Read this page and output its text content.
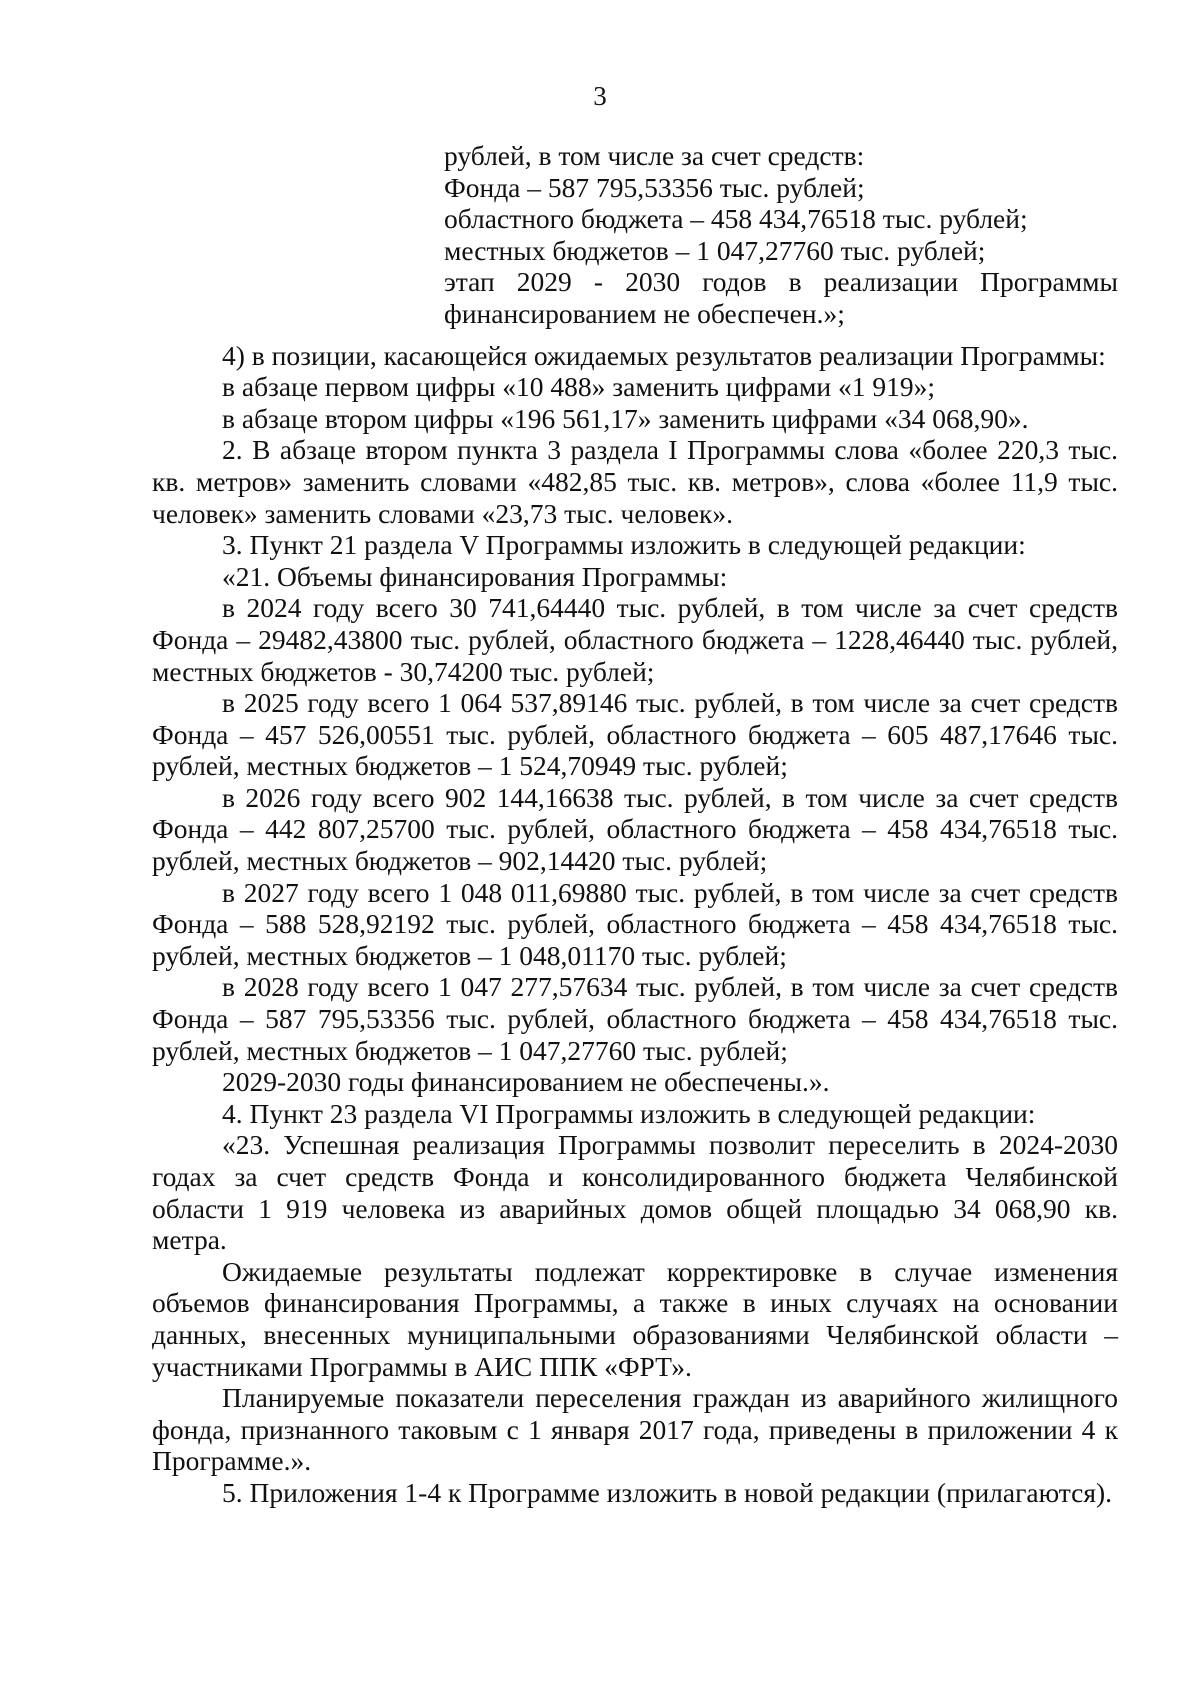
3

рублей, в том числе за счет средств:

Фонда – 587 795,53356 тыс. рублей;

областного бюджета – 458 434,76518 тыс. рублей;

местных бюджетов – 1 047,27760 тыс. рублей;

этап 2029 - 2030 годов в реализации Программы финансированием не обеспечен.»;

4) в позиции, касающейся ожидаемых результатов реализации Программы:

в абзаце первом цифры «10 488» заменить цифрами «1 919»;

в абзаце втором цифры «196 561,17» заменить цифрами «34 068,90».

2. В абзаце втором пункта 3 раздела I Программы слова «более 220,3 тыс. кв. метров» заменить словами «482,85 тыс. кв. метров», слова «более 11,9 тыс. человек» заменить словами «23,73 тыс. человек».

3. Пункт 21 раздела V Программы изложить в следующей редакции:

«21. Объемы финансирования Программы:

в 2024 году всего 30 741,64440 тыс. рублей, в том числе за счет средств Фонда – 29482,43800 тыс. рублей, областного бюджета – 1228,46440 тыс. рублей, местных бюджетов - 30,74200 тыс. рублей;

в 2025 году всего 1 064 537,89146 тыс. рублей, в том числе за счет средств Фонда – 457 526,00551 тыс. рублей, областного бюджета – 605 487,17646 тыс. рублей, местных бюджетов – 1 524,70949 тыс. рублей;

в 2026 году всего 902 144,16638 тыс. рублей, в том числе за счет средств Фонда – 442 807,25700 тыс. рублей, областного бюджета – 458 434,76518 тыс. рублей, местных бюджетов – 902,14420 тыс. рублей;

в 2027 году всего 1 048 011,69880 тыс. рублей, в том числе за счет средств Фонда – 588 528,92192 тыс. рублей, областного бюджета – 458 434,76518 тыс. рублей, местных бюджетов – 1 048,01170 тыс. рублей;

в 2028 году всего 1 047 277,57634 тыс. рублей, в том числе за счет средств Фонда – 587 795,53356 тыс. рублей, областного бюджета – 458 434,76518 тыс. рублей, местных бюджетов – 1 047,27760 тыс. рублей;

2029-2030 годы финансированием не обеспечены.».

4. Пункт 23 раздела VI Программы изложить в следующей редакции:

«23. Успешная реализация Программы позволит переселить в 2024-2030 годах за счет средств Фонда и консолидированного бюджета Челябинской области 1 919 человека из аварийных домов общей площадью 34 068,90 кв. метра.

Ожидаемые результаты подлежат корректировке в случае изменения объемов финансирования Программы, а также в иных случаях на основании данных, внесенных муниципальными образованиями Челябинской области – участниками Программы в АИС ППК «ФРТ».

Планируемые показатели переселения граждан из аварийного жилищного фонда, признанного таковым с 1 января 2017 года, приведены в приложении 4 к Программе.».

5. Приложения 1-4 к Программе изложить в новой редакции (прилагаются).
